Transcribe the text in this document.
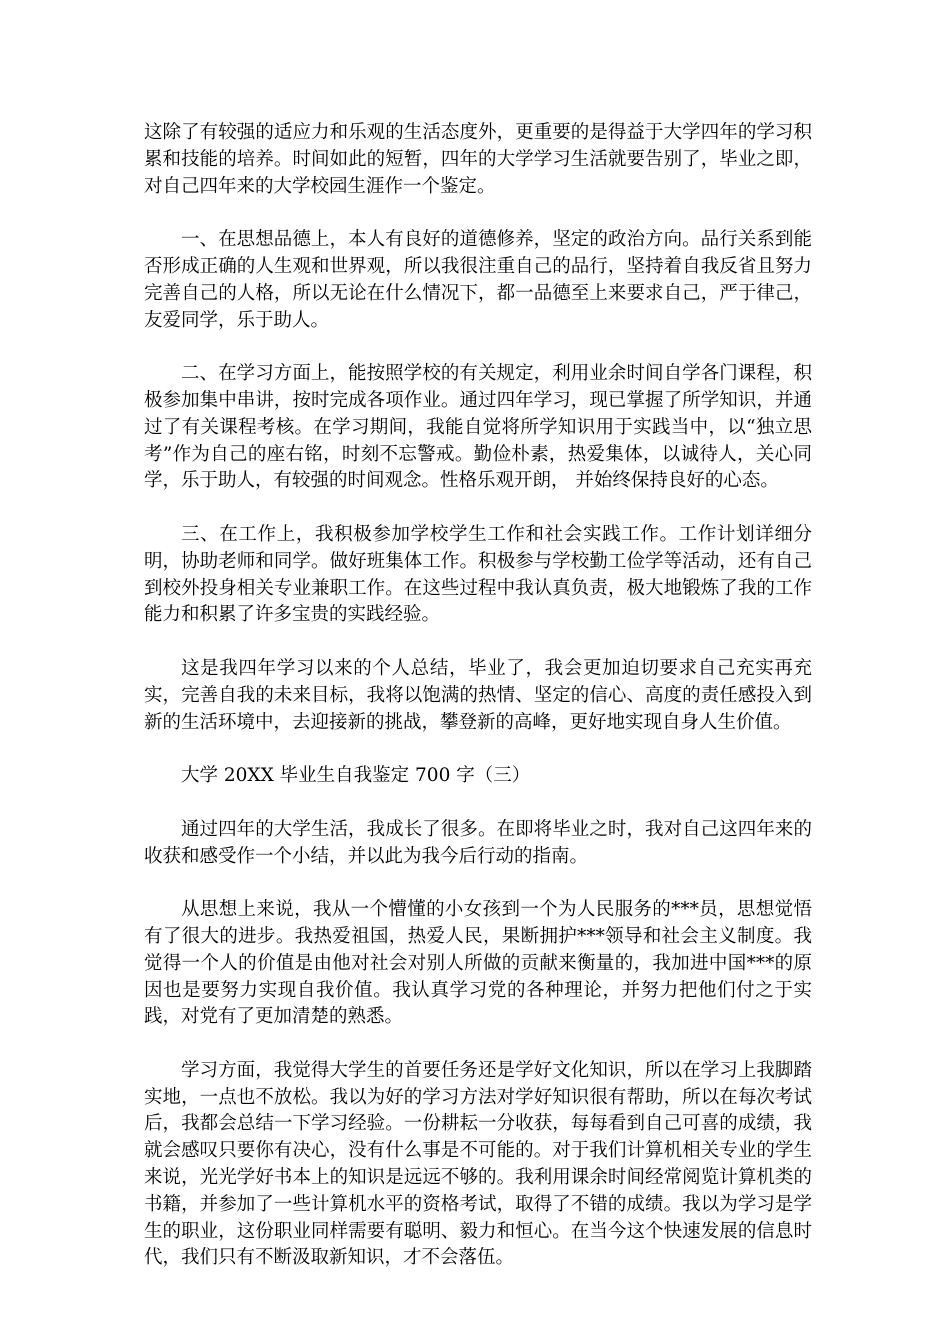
这除了有较强的适应力和乐观的生活态度外，更重要的是得益于大学四年的学习积累和技能的培养。时间如此的短暂，四年的大学学习生活就要告别了，毕业之即，对自己四年来的大学校园生涯作一个鉴定。

一、在思想品德上，本人有良好的道德修养，坚定的政治方向。品行关系到能否形成正确的人生观和世界观，所以我很注重自己的品行，坚持着自我反省且努力完善自己的人格，所以无论在什么情况下，都一品德至上来要求自己，严于律己，友爱同学，乐于助人。

二、在学习方面上，能按照学校的有关规定，利用业余时间自学各门课程，积极参加集中串讲，按时完成各项作业。通过四年学习，现已掌握了所学知识，并通过了有关课程考核。在学习期间，我能自觉将所学知识用于实践当中，以“独立思考”作为自己的座右铭，时刻不忘警戒。勤俭朴素，热爱集体，以诚待人，关心同学，乐于助人，有较强的时间观念。性格乐观开朗， 并始终保持良好的心态。

三、在工作上，我积极参加学校学生工作和社会实践工作。工作计划详细分明，协助老师和同学。做好班集体工作。积极参与学校勤工俭学等活动，还有自己到校外投身相关专业兼职工作。在这些过程中我认真负责，极大地锻炼了我的工作能力和积累了许多宝贵的实践经验。

这是我四年学习以来的个人总结，毕业了，我会更加迫切要求自己充实再充实，完善自我的未来目标，我将以饱满的热情、坚定的信心、高度的责任感投入到新的生活环境中，去迎接新的挑战，攀登新的高峰，更好地实现自身人生价值。

大学 20XX 毕业生自我鉴定 700 字（三）

通过四年的大学生活，我成长了很多。在即将毕业之时，我对自己这四年来的收获和感受作一个小结，并以此为我今后行动的指南。

从思想上来说，我从一个懵懂的小女孩到一个为人民服务的***员，思想觉悟有了很大的进步。我热爱祖国，热爱人民，果断拥护***领导和社会主义制度。我觉得一个人的价值是由他对社会对别人所做的贡献来衡量的，我加进中国***的原因也是要努力实现自我价值。我认真学习党的各种理论，并努力把他们付之于实践，对党有了更加清楚的熟悉。

学习方面，我觉得大学生的首要任务还是学好文化知识，所以在学习上我脚踏实地，一点也不放松。我以为好的学习方法对学好知识很有帮助，所以在每次考试后，我都会总结一下学习经验。一份耕耘一分收获，每每看到自己可喜的成绩，我就会感叹只要你有决心，没有什么事是不可能的。对于我们计算机相关专业的学生来说，光光学好书本上的知识是远远不够的。我利用课余时间经常阅览计算机类的书籍，并参加了一些计算机水平的资格考试，取得了不错的成绩。我以为学习是学生的职业，这份职业同样需要有聪明、毅力和恒心。在当今这个快速发展的信息时代，我们只有不断汲取新知识，才不会落伍。
